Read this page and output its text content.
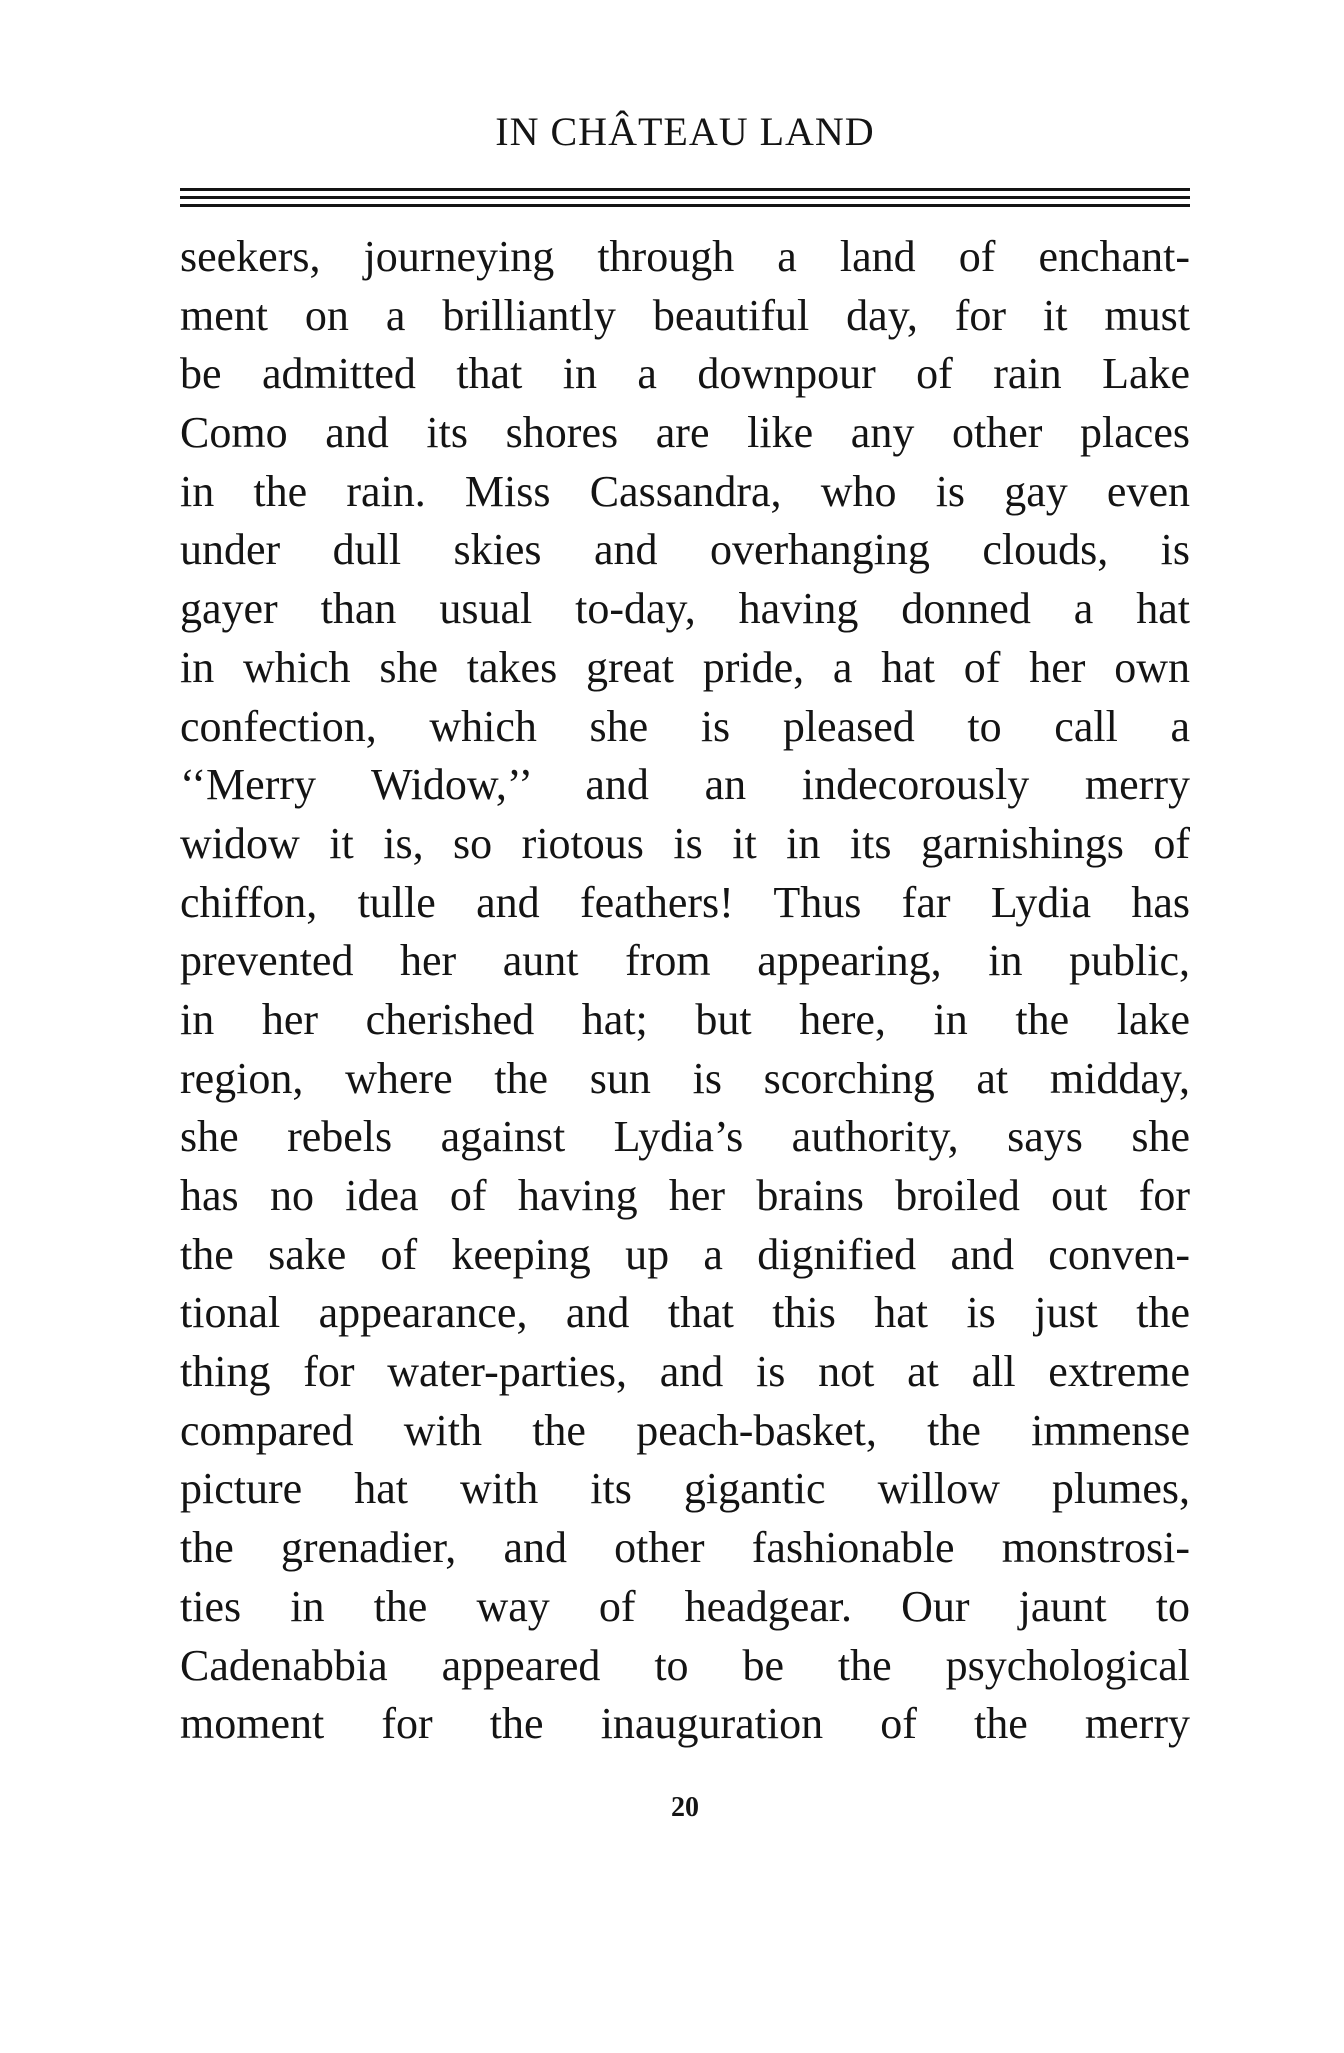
IN CHÂTEAU LAND
seekers, journeying through a land of enchant-
ment on a brilliantly beautiful day, for it must
be admitted that in a downpour of rain Lake
Como and its shores are like any other places
in the rain. Miss Cassandra, who is gay even
under dull skies and overhanging clouds, is
gayer than usual to-day, having donned a hat
in which she takes great pride, a hat of her own
confection, which she is pleased to call a
‘‘Merry Widow,’’ and an indecorously merry
widow it is, so riotous is it in its garnishings of
chiffon, tulle and feathers! Thus far Lydia has
prevented her aunt from appearing, in public,
in her cherished hat; but here, in the lake
region, where the sun is scorching at midday,
she rebels against Lydia’s authority, says she
has no idea of having her brains broiled out for
the sake of keeping up a dignified and conven-
tional appearance, and that this hat is just the
thing for water-parties, and is not at all extreme
compared with the peach-basket, the immense
picture hat with its gigantic willow plumes,
the grenadier, and other fashionable monstrosi-
ties in the way of headgear. Our jaunt to
Cadenabbia appeared to be the psychological
moment for the inauguration of the merry
20
